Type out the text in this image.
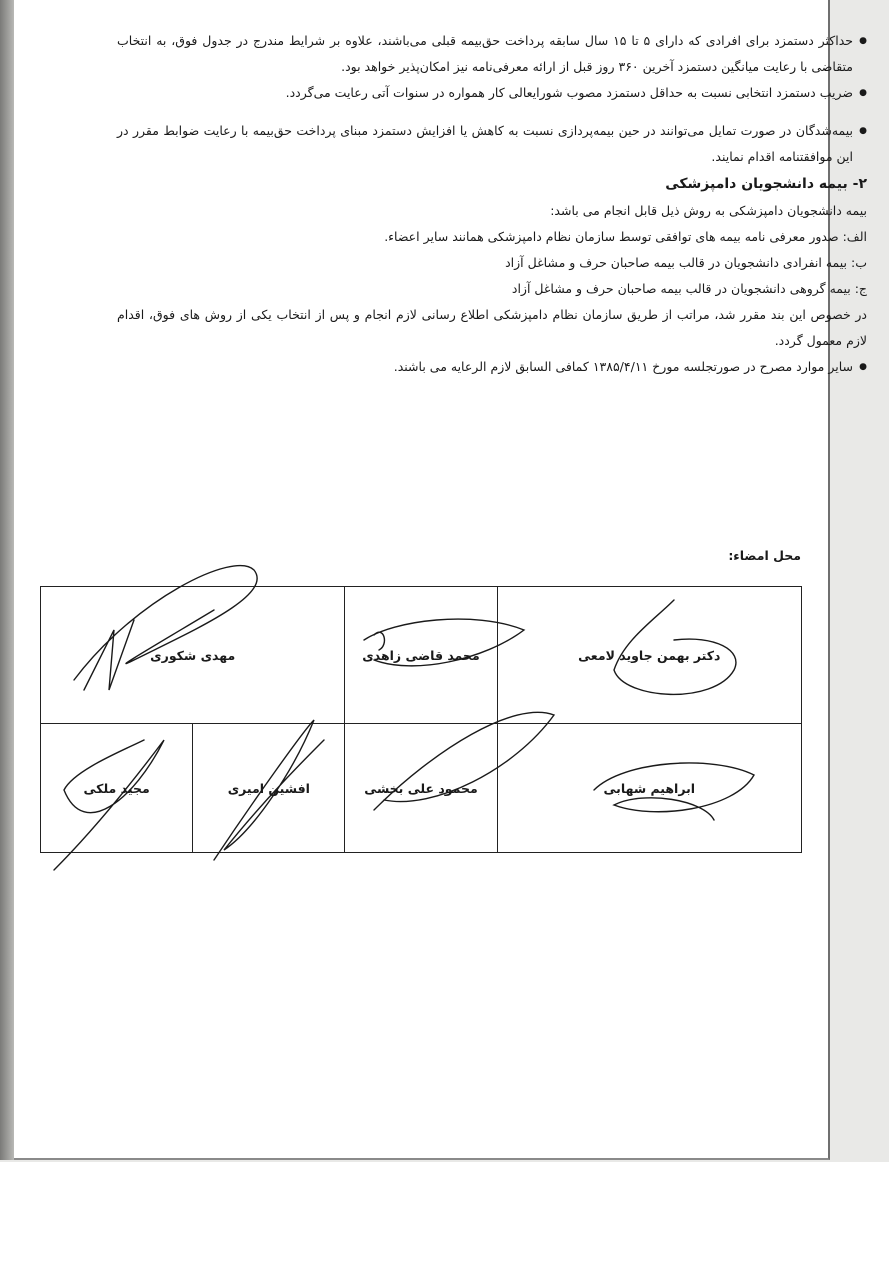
● حداکثر دستمزد برای افرادی که دارای ۵ تا ۱۵ سال سابقه پرداخت حق‌بیمه قبلی می‌باشند، علاوه بر شرایط مندرج در جدول فوق، به انتخاب متقاضی با رعایت میانگین دستمزد آخرین ۳۶۰ روز قبل از ارائه معرفی‌نامه نیز امکان‌پذیر خواهد بود.
● ضریب دستمزد انتخابی نسبت به حداقل دستمزد مصوب شورایعالی کار همواره در سنوات آتی رعایت می‌گردد.
● بیمه‌شدگان در صورت تمایل می‌توانند در حین بیمه‌پردازی نسبت به کاهش یا افزایش دستمزد مبنای پرداخت حق‌بیمه با رعایت ضوابط مقرر در این موافقتنامه اقدام نمایند.
۲- بیمه دانشجویان دامپزشکی
بیمه دانشجویان دامپزشکی به روش ذیل قابل انجام می باشد:
الف: صدور معرفی نامه بیمه های توافقی توسط سازمان نظام دامپزشکی همانند سایر اعضاء.
ب: بیمه انفرادی دانشجویان در قالب بیمه صاحبان حرف و مشاغل آزاد
ج: بیمه گروهی دانشجویان در قالب بیمه صاحبان حرف و مشاغل آزاد
در خصوص این بند مقرر شد، مراتب از طریق سازمان نظام دامپزشکی اطلاع رسانی لازم انجام و پس از انتخاب یکی از روش های فوق، اقدام لازم معمول گردد.
● سایر موارد مصرح در صورتجلسه مورخ ۱۳۸۵/۴/۱۱ کمافی السابق لازم الرعایه می باشند.
محل امضاء:
دکتر بهمن جاوید لامعی	محمد قاضی زاهدی	مهدی شکوری	
ابراهیم شهابی	محمود علی بخشی	افشین امیری	مجید ملکی
